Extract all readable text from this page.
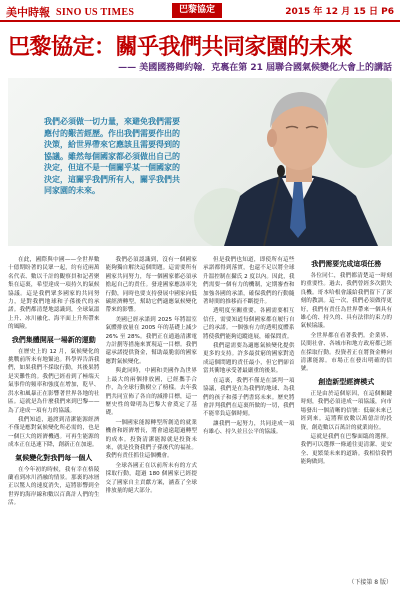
美中時報 SINO US TIMES	巴黎協定	2015 年 12 月 15 日 P6
巴黎協定：關乎我們共同家園的未來
—— 美國國務卿約翰．克裏在第 21 屆聯合國氣候變化大會上的講話
我們必須做一切力量，來避免我們需要應付的艱苦經歷。作出我們需要作出的決策，給世界帶來它應該且需要得到的協議。雖然每個國家都必須做出自己的決定，但這不是一個關乎某一個國家的決定，這關乎我們所有人，關乎我們共同家園的未來。

在此，國際與中國——全世界數十億期盼著的民眾一起，約有近兩萬名代表、數以千計的觀察員和記者聚集在這裏，希望達成一項持久的氣候協議。這是我們眾多國家的共同努力，是對我們地球和子孫後代的承諾。我們都清楚地認識到，全球氣溫上升、冰川融化、海平面上升所帶來的風險。

我們集體開展一場新的運動

在歷史上的 12 月，氣候變化的挑戰前所未有地緊迫。科學界告訴我們，如果我們不採取行動，其後果將是災難性的。我們已經看到了極端天氣事件的頻率和強度在增加，乾旱、洪水和風暴正在影響著世界各地的社區。這就是為什麼我們來到巴黎——為了達成一項有力的協議。

我們知道，過渡到清潔能源經濟不僅是應對氣候變化所必需的，也是一個巨大的經濟機遇。可再生能源的成本正在迅速下降，創新正在加速。

氣候變化對我們每一個人

在今年初的時候，我有幸在格陵蘭看到冰川消融的情景。那裏的冰層正以驚人的速度消失，這將影響到全世界的海岸線和數以百萬計人們的生活。

我們必須認識到，沒有一個國家能夠獨自解決這個問題。這需要所有國家共同努力，每一個國家都必須承擔起自己的責任。發達國家應該率先行動，同時也要支持發展中國家向低碳經濟轉型，幫助它們適應氣候變化帶來的影響。

美國已經承諾到 2025 年將溫室氣體排放量在 2005 年的基礎上減少 26% 至 28%。我們正在通過清潔電力計劃等措施來實現這一目標。我們還承諾提供資金，幫助最脆弱的國家應對氣候變化。

與此同時，中國和美國作為世界上最大的兩個排放國，已經攜手合作，為全球行動樹立了榜樣。去年我們共同宣佈了各自的減排目標，這一歷史性的聲明為巴黎大會奠定了基礎。

一個國家能源轉型所創造的就業機會和經濟增長，將會遠遠超過轉型的成本。投資清潔能源就是投資未來，就是投資我們子孫後代的福祉。我們有責任抓住這個機會。

全球各國正在以前所未有的方式採取行動，超過 180 個國家已經提交了國家自主貢獻方案，涵蓋了全球排放量的絕大部分。

但是我們也知道，即使所有這些承諾都得到落實，也還不足以將全球升溫控制在攝氏 2 度以內。因此，我們需要一個有力的機制，定期審查和加強各國的承諾，確保我們的行動隨著時間的推移而不斷提升。

透明度至關重要。各國需要相互信任，需要知道每個國家都在履行自己的承諾。一個強有力的透明度體系將使我們能夠追蹤進展，確保問責。

我們還需要為適應氣候變化提供更多的支持。許多最貧窮的國家對造成這個問題的責任最小，但它們卻首當其衝地承受著最嚴重的後果。

在這裏，我們不僅是在談判一項協議，我們是在為我們的地球、為我們的孩子和孫子們書寫未來。歷史將會評判我們在這裏所做的一切，我們不能辜負這個時刻。

讓我們一起努力，共同達成一項有雄心、持久並且公平的協議。

我們需要完成這項任務

各位同仁，我們都清楚這一時刻的重要性。過去，我們曾經多次錯失良機。哥本哈根會議給我們留下了深刻的教訓。這一次，我們必須做得更好，我們有責任為世界帶來一個具有雄心的、持久的、具有法律約束力的氣候協議。

全世界都在看著我們。企業界、民間社會、各城市和地方政府都已經在採取行動。投資者正在將資金轉向清潔能源。市場正在發出明確的信號。

創造新型經濟模式

正是由於這個原因，在這個關鍵時刻，我們必須達成一項協議，向市場發出一個清晰的信號：低碳未來已經到來。這將釋放數以萬億計的投資，創造數以百萬計的就業崗位。

這就是我們在巴黎面臨的選擇。我們可以選擇一條通往更清潔、更安全、更繁榮未來的道路。我相信我們能夠做到。

（下接第 8 版）
